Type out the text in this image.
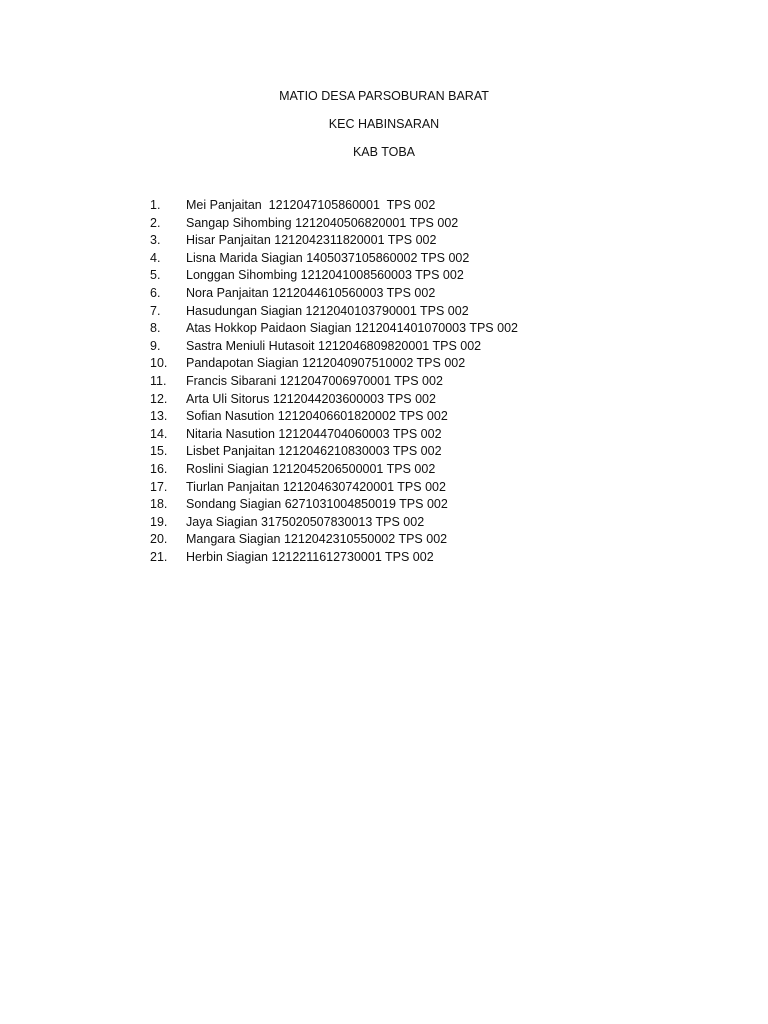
MATIO DESA PARSOBURAN BARAT
KEC HABINSARAN
KAB TOBA
1.	Mei Panjaitan  1212047105860001  TPS 002
2.	Sangap Sihombing 1212040506820001 TPS 002
3.	Hisar Panjaitan 1212042311820001 TPS 002
4.	Lisna Marida Siagian 1405037105860002 TPS 002
5.	Longgan Sihombing 1212041008560003 TPS 002
6.	Nora Panjaitan 1212044610560003 TPS 002
7.	Hasudungan Siagian 1212040103790001 TPS 002
8.	Atas Hokkop Paidaon Siagian 1212041401070003 TPS 002
9.	Sastra Meniuli Hutasoit 1212046809820001 TPS 002
10.	Pandapotan Siagian 1212040907510002 TPS 002
11.	Francis Sibarani 1212047006970001 TPS 002
12.	Arta Uli Sitorus 1212044203600003 TPS 002
13.	Sofian Nasution 12120406601820002 TPS 002
14.	Nitaria Nasution 1212044704060003 TPS 002
15.	Lisbet Panjaitan 1212046210830003 TPS 002
16.	Roslini Siagian 1212045206500001 TPS 002
17.	Tiurlan Panjaitan 1212046307420001 TPS 002
18.	Sondang Siagian 6271031004850019 TPS 002
19.	Jaya Siagian 3175020507830013 TPS 002
20.	Mangara Siagian 1212042310550002 TPS 002
21.	Herbin Siagian 1212211612730001 TPS 002
